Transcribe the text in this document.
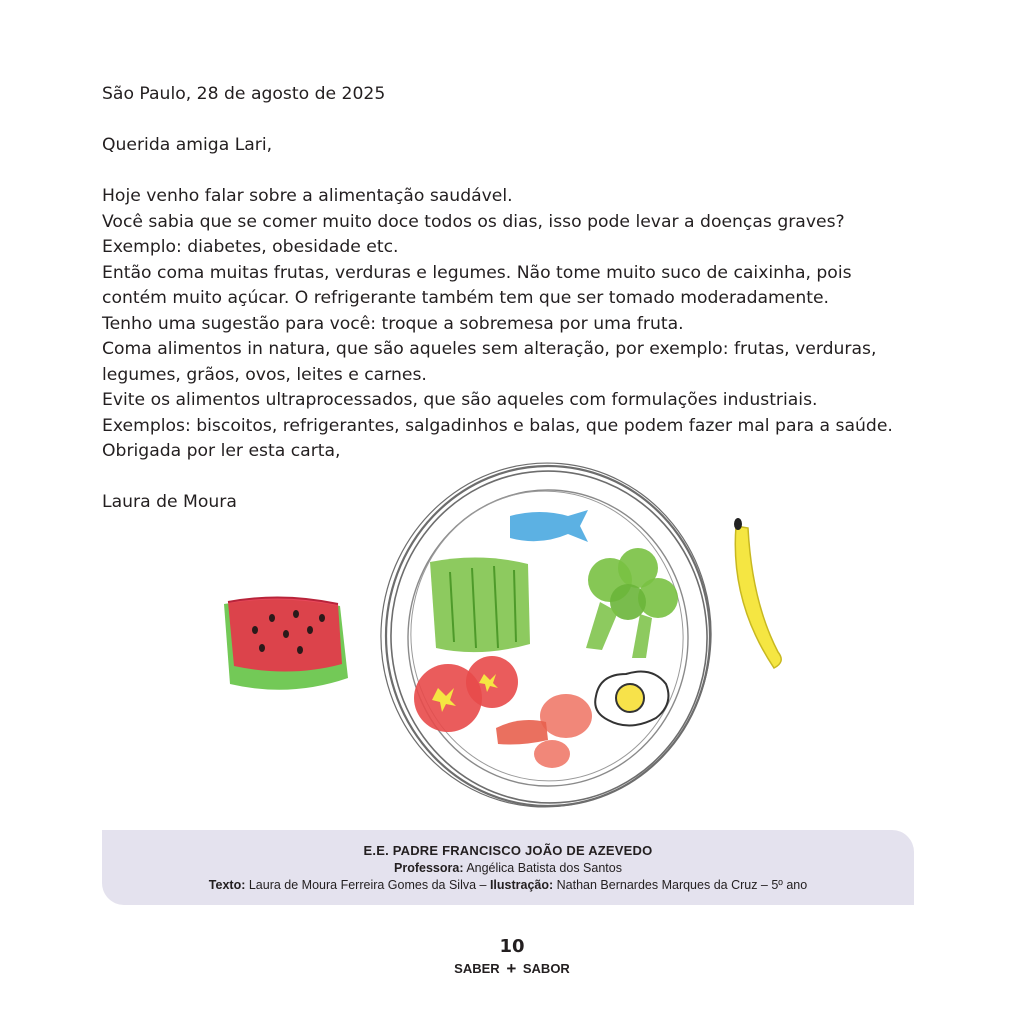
São Paulo, 28 de agosto de 2025

Querida amiga Lari,

Hoje venho falar sobre a alimentação saudável.

Você sabia que se comer muito doce todos os dias, isso pode levar a doenças graves?

Exemplo: diabetes, obesidade etc.

Então coma muitas frutas, verduras e legumes. Não tome muito suco de caixinha, pois

contém muito açúcar. O refrigerante também tem que ser tomado moderadamente.

Tenho uma sugestão para você: troque a sobremesa por uma fruta.

Coma alimentos in natura, que são aqueles sem alteração, por exemplo: frutas, verduras,

legumes, grãos, ovos, leites e carnes.

Evite os alimentos ultraprocessados, que são aqueles com formulações industriais.

Exemplos: biscoitos, refrigerantes, salgadinhos e balas, que podem fazer mal para a saúde.

Obrigada por ler esta carta,

Laura de Moura

E.E. PADRE FRANCISCO JOÃO DE AZEVEDO
Professora: Angélica Batista dos Santos
Texto: Laura de Moura Ferreira Gomes da Silva – Ilustração: Nathan Bernardes Marques da Cruz – 5º ano
10
SABER + SABOR
